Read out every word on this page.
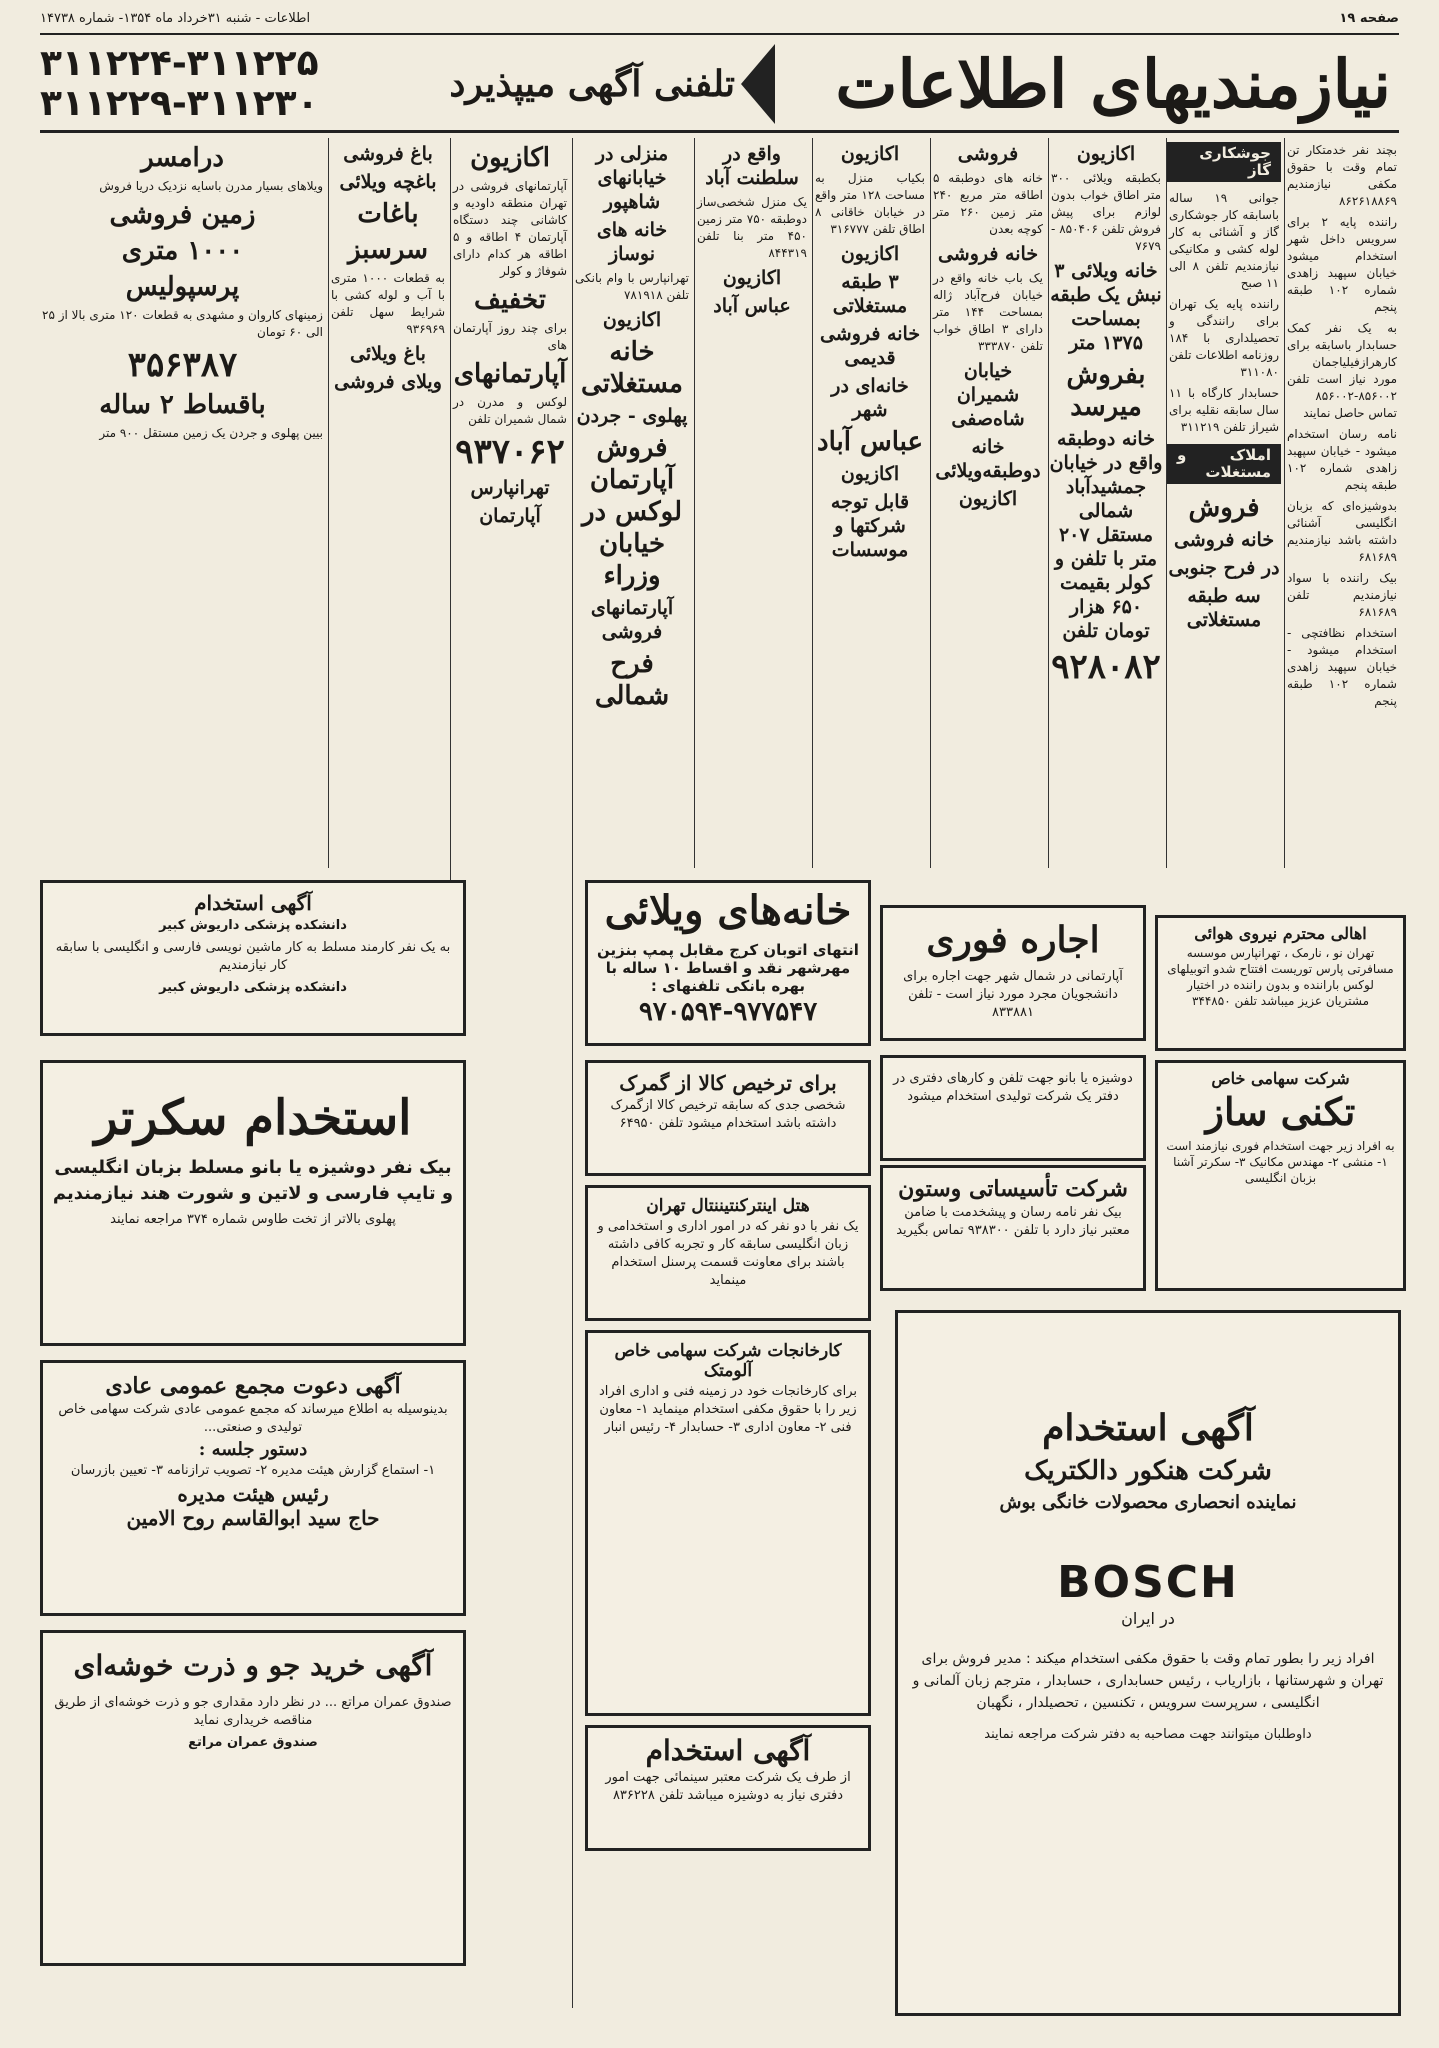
صفحه ۱۹
اطلاعات - شنبه ۳۱خرداد ماه ۱۳۵۴- شماره ۱۴۷۳۸
نیازمندیهای اطلاعات
تلفنی آگهی میپذیرد
۳۱۱۲۲۴-۳۱۱۲۲۵
۳۱۱۲۲۹-۳۱۱۲۳۰

بچند نفر خدمتکار تن تمام وقت با حقوق مکفی نیازمندیم ۸۶۲۶۱۸۸۶۹

راننده پایه ۲ برای سرویس داخل شهر استخدام میشود خیابان سپهبد زاهدی شماره ۱۰۲ طبقه پنجم

به یک نفر کمک حسابدار باسابقه برای کارهرازفیلیاجمان مورد نیاز است تلفن ۸۵۶۰۰۲-۸۵۶۰۰۲ تماس حاصل نمایند

نامه رسان استخدام میشود - خیابان سپهبد زاهدی شماره ۱۰۲ طبقه پنجم

بدوشیزه‌ای که بزبان انگلیسی آشنائی داشته باشد نیازمندیم ۶۸۱۶۸۹

بیک راننده با سواد نیازمندیم تلفن ۶۸۱۶۸۹

استخدام نظافتچی - استخدام میشود - خیابان سپهبد زاهدی شماره ۱۰۲ طبقه پنجم

جوشکاری گاز

جوانی ۱۹ ساله باسابقه کار جوشکاری گاز و آشنائی به کار لوله کشی و مکانیکی نیازمندیم تلفن ۸ الی ۱۱ صبح

راننده پایه یک تهران برای رانندگی و تحصیلداری با ۱۸۴ روزنامه اطلاعات تلفن ۳۱۱۰۸۰

حسابدار کارگاه با ۱۱ سال سابقه نقلیه برای شیراز تلفن ۳۱۱۲۱۹

املاک و مستغلات
فروش
خانه فروشی
در فرح جنوبی
سه طبقه مستغلاتی
اکازیون

بکطبقه ویلائی ۳۰۰ متر اطاق خواب بدون لوازم برای پیش فروش تلفن ۸۵۰۴۰۶ - ۷۶۷۹

خانه ویلائی ۳ نبش یک طبقه بمساحت ۱۳۷۵ متر
بفروش میرسد
خانه دوطبقه واقع در خیابان جمشیدآباد شمالی مستقل ۲۰۷ متر با تلفن و کولر بقیمت ۶۵۰ هزار تومان تلفن
۹۲۸۰۸۲
فروشی

خانه های دوطبقه ۵ اطاقه متر مربع ۲۴۰ متر زمین ۲۶۰ متر کوچه بعدن

خانه فروشی

یک باب خانه واقع در خیابان فرح‌آباد ژاله بمساحت ۱۴۴ متر دارای ۳ اطاق خواب تلفن ۳۳۳۸۷۰

خیابان شمیران شاه‌صفی
خانه دوطبقه‌ویلائی
اکازیون
اکازیون

بکیاب منزل به مساحت ۱۲۸ متر واقع در خیابان خاقانی ۸ اطاق تلفن ۳۱۶۷۷۷

اکازیون
۳ طبقه مستغلاتی
خانه فروشی قدیمی
خانه‌ای در شهر
عباس آباد
اکازیون
قابل توجه شرکتها و موسسات
واقع در سلطنت آباد

یک منزل شخصی‌ساز دوطبقه ۷۵۰ متر زمین ۴۵۰ متر بنا تلفن ۸۴۴۳۱۹

اکازیون
عباس آباد
منزلی در خیابانهای شاهپور
خانه های نوساز

تهرانپارس با وام بانکی تلفن ۷۸۱۹۱۸

اکازیون
خانه مستغلاتی
پهلوی - جردن
فروش آپارتمان لوکس در خیابان وزراء
آپارتمانهای فروشی
فرح شمالی
اکازیون

آپارتمانهای فروشی در تهران منطقه داودیه و کاشانی چند دستگاه آپارتمان ۴ اطاقه و ۵ اطاقه هر کدام دارای شوفاژ و کولر

تخفیف

برای چند روز آپارتمان های

آپارتمانهای

لوکس و مدرن در شمال شمیران تلفن

۹۳۷۰۶۲
تهرانپارس
آپارتمان
باغ فروشی
باغچه ویلائی
باغات
سرسبز

به قطعات ۱۰۰۰ متری با آب و لوله کشی با شرایط سهل تلفن ۹۳۶۹۶۹

باغ ویلائی
ویلای فروشی
درامسر

ویلاهای بسیار مدرن باسایه نزدیک دریا فروش

زمین فروشی
۱۰۰۰ متری
پرسپولیس

زمینهای کاروان و مشهدی به قطعات ۱۲۰ متری بالا از ۲۵ الی ۶۰ تومان

۳۵۶۳۸۷
باقساط ۲ ساله

بیین پهلوی و جردن یک زمین مستقل ۹۰۰ متر

آگهی استخدام
دانشکده پزشکی داریوش کبیر
به یک نفر کارمند مسلط به کار ماشین نویسی فارسی و انگلیسی با سابقه کار نیازمندیم
دانشکده پزشکی داریوش کبیر
استخدام سکرتر
بیک نفر دوشیزه یا بانو مسلط بزبان انگلیسی و تایپ فارسی و لاتین و شورت هند نیازمندیم
پهلوی بالاتر از تخت طاوس شماره ۳۷۴ مراجعه نمایند
آگهی دعوت مجمع عمومی عادی
بدینوسیله به اطلاع میرساند که مجمع عمومی عادی شرکت سهامی خاص تولیدی و صنعتی...
دستور جلسه :
۱- استماع گزارش هیئت مدیره ۲- تصویب ترازنامه ۳- تعیین بازرسان
رئیس هیئت مدیره
حاج سید ابوالقاسم روح الامین
آگهی خرید جو و ذرت خوشه‌ای
صندوق عمران مراتع ... در نظر دارد مقداری جو و ذرت خوشه‌ای از طریق مناقصه خریداری نماید
صندوق عمران مراتع
خانه‌های ویلائی
انتهای اتوبان کرج مقابل پمپ بنزین مهرشهر نقد و اقساط ۱۰ ساله با بهره بانکی تلفنهای :
۹۷۰۵۹۴-۹۷۷۵۴۷
برای ترخیص کالا از گمرک
شخصی جدی که سابقه ترخیص کالا ازگمرک داشته باشد استخدام میشود تلفن ۶۴۹۵۰
هتل اینترکنتیننتال تهران
یک نفر با دو نفر که در امور اداری و استخدامی و زبان انگلیسی سابقه کار و تجربه کافی داشته باشند برای معاونت قسمت پرسنل استخدام مینماید
کارخانجات شرکت سهامی خاص آلومتک
برای کارخانجات خود در زمینه فنی و اداری افراد زیر را با حقوق مکفی استخدام مینماید ۱- معاون فنی ۲- معاون اداری ۳- حسابدار ۴- رئیس انبار
آگهی استخدام
از طرف یک شرکت معتبر سینمائی جهت امور دفتری نیاز به دوشیزه میباشد تلفن ۸۳۶۲۲۸
اجاره فوری
آپارتمانی در شمال شهر جهت اجاره برای دانشجویان مجرد مورد نیاز است - تلفن ۸۳۳۸۸۱
اهالی محترم نیروی هوائی
تهران نو ، نارمک ، تهرانپارس موسسه مسافرتی پارس توریست افتتاح شدو اتوبیلهای لوکس باراننده و بدون راننده در اختیار مشتریان عزیز میباشد تلفن ۳۴۴۸۵۰
دوشیزه یا بانو جهت تلفن و کارهای دفتری در دفتر یک شرکت تولیدی استخدام میشود
شرکت تأسیساتی وستون
بیک نفر نامه رسان و پیشخدمت با ضامن معتبر نیاز دارد با تلفن ۹۳۸۳۰۰ تماس بگیرید
شرکت سهامی خاص
تکنی ساز
به افراد زیر جهت استخدام فوری نیازمند است ۱- منشی ۲- مهندس مکانیک ۳- سکرتر آشنا بزبان انگلیسی
آگهی استخدام
شرکت هنکور دالکتریک
نماینده انحصاری محصولات خانگی بوش
BOSCH
در ایران
افراد زیر را بطور تمام وقت با حقوق مکفی استخدام میکند : مدیر فروش برای تهران و شهرستانها ، بازاریاب ، رئیس حسابداری ، حسابدار ، مترجم زبان آلمانی و انگلیسی ، سرپرست سرویس ، تکنسین ، تحصیلدار ، نگهبان
داوطلبان میتوانند جهت مصاحبه به دفتر شرکت مراجعه نمایند
